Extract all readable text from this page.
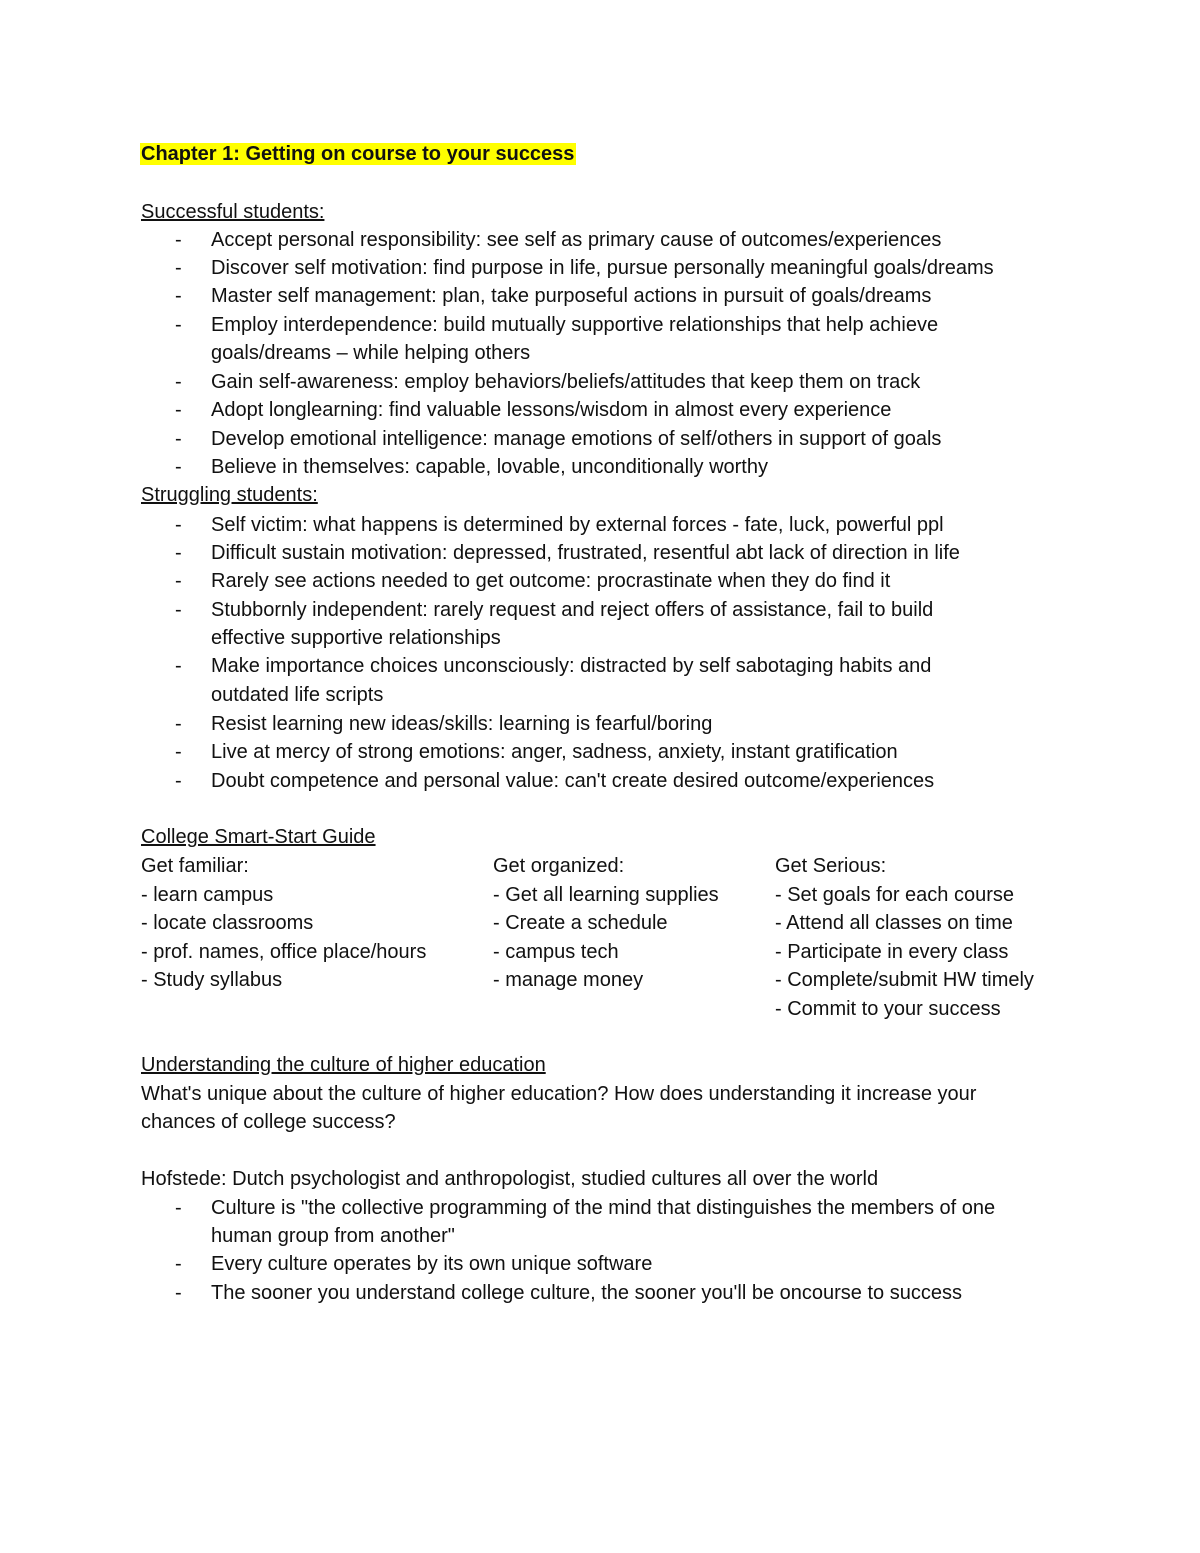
Chapter 1: Getting on course to your success
Successful students:
- Accept personal responsibility: see self as primary cause of outcomes/experiences
- Discover self motivation: find purpose in life, pursue personally meaningful goals/dreams
- Master self management: plan, take purposeful actions in pursuit of goals/dreams
- Employ interdependence: build mutually supportive relationships that help achieve
goals/dreams – while helping others
- Gain self-awareness: employ behaviors/beliefs/attitudes that keep them on track
- Adopt longlearning: find valuable lessons/wisdom in almost every experience
- Develop emotional intelligence: manage emotions of self/others in support of goals
- Believe in themselves: capable, lovable, unconditionally worthy
Struggling students:
- Self victim: what happens is determined by external forces - fate, luck, powerful ppl
- Difficult sustain motivation: depressed, frustrated, resentful abt lack of direction in life
- Rarely see actions needed to get outcome: procrastinate when they do find it
- Stubbornly independent: rarely request and reject offers of assistance, fail to build
effective supportive relationships
- Make importance choices unconsciously: distracted by self sabotaging habits and
outdated life scripts
- Resist learning new ideas/skills: learning is fearful/boring
- Live at mercy of strong emotions: anger, sadness, anxiety, instant gratification
- Doubt competence and personal value: can't create desired outcome/experiences
College Smart-Start Guide
Get familiar:
- learn campus
- locate classrooms
- prof. names, office place/hours
- Study syllabus
Get organized:
- Get all learning supplies
- Create a schedule
- campus tech
- manage money
Get Serious:
- Set goals for each course
- Attend all classes on time
- Participate in every class
- Complete/submit HW timely
- Commit to your success
Understanding the culture of higher education
What's unique about the culture of higher education? How does understanding it increase your
chances of college success?
Hofstede: Dutch psychologist and anthropologist, studied cultures all over the world
- Culture is "the collective programming of the mind that distinguishes the members of one
human group from another"
- Every culture operates by its own unique software
- The sooner you understand college culture, the sooner you'll be oncourse to success
